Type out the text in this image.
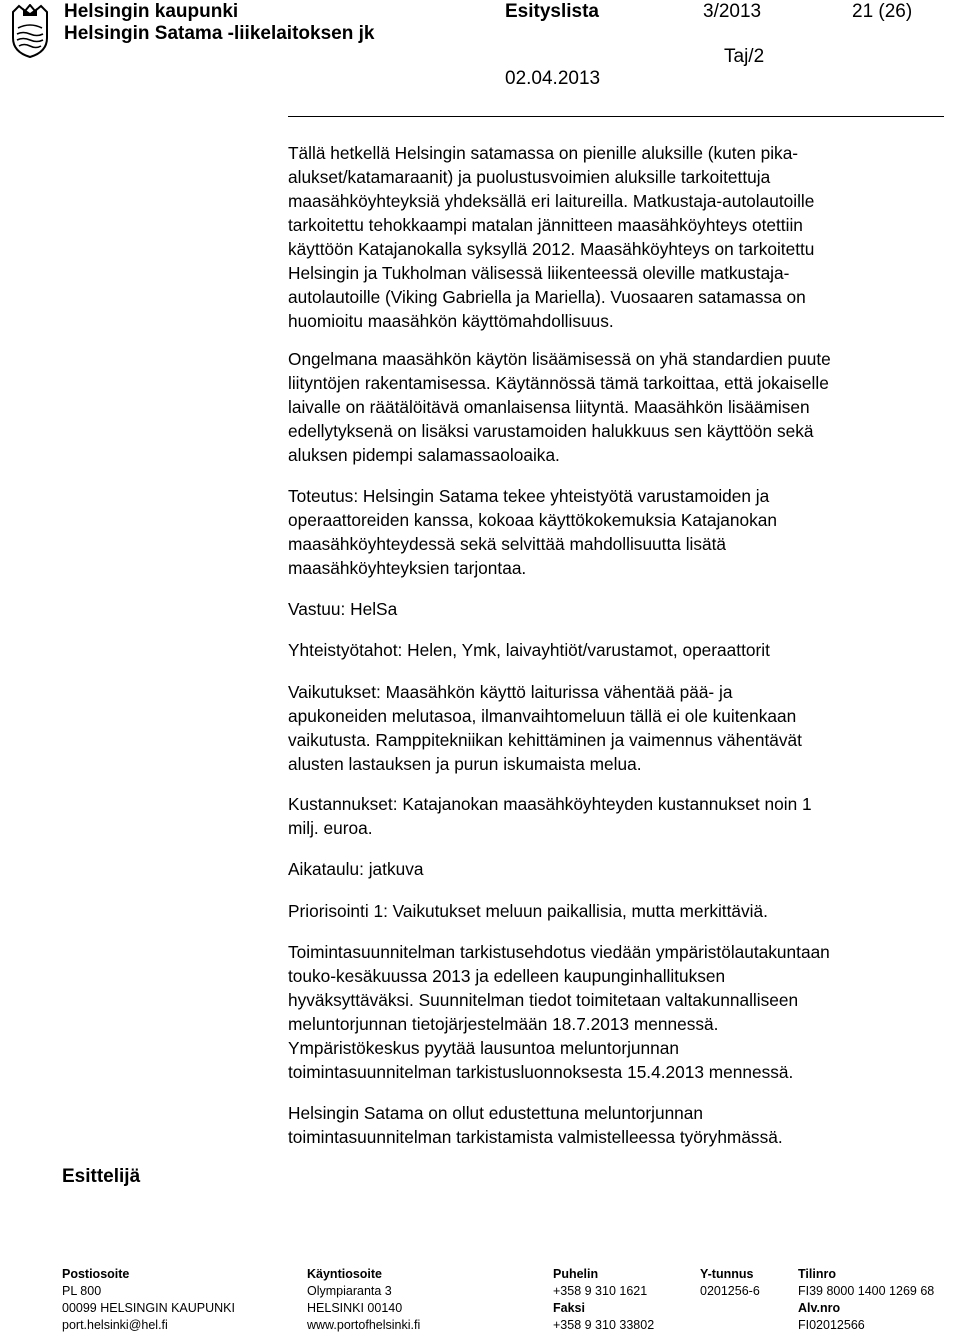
Helsingin kaupunki
Helsingin Satama -liikelaitoksen jk
Esityslista	3/2013	21 (26)
Taj/2
02.04.2013

Tällä hetkellä Helsingin satamassa on pienille aluksille (kuten pika-
alukset/katamaraanit) ja puolustusvoimien aluksille tarkoitettuja
maasähköyhteyksiä yhdeksällä eri laitureilla. Matkustaja-autolautoille
tarkoitettu tehokkaampi matalan jännitteen maasähköyhteys otettiin
käyttöön Katajanokalla syksyllä 2012. Maasähköyhteys on tarkoitettu
Helsingin ja Tukholman välisessä liikenteessä oleville matkustaja-
autolautoille (Viking Gabriella ja Mariella). Vuosaaren satamassa on
huomioitu maasähkön käyttömahdollisuus.

Ongelmana maasähkön käytön lisäämisessä on yhä standardien puute
liityntöjen rakentamisessa. Käytännössä tämä tarkoittaa, että jokaiselle
laivalle on räätälöitävä omanlaisensa liityntä. Maasähkön lisäämisen
edellytyksenä on lisäksi varustamoiden halukkuus sen käyttöön sekä
aluksen pidempi salamassaoloaika.

Toteutus: Helsingin Satama tekee yhteistyötä varustamoiden ja
operaattoreiden kanssa, kokoaa käyttökokemuksia Katajanokan
maasähköyhteydessä sekä selvittää mahdollisuutta lisätä
maasähköyhteyksien tarjontaa.

Vastuu: HelSa

Yhteistyötahot: Helen, Ymk, laivayhtiöt/varustamot, operaattorit

Vaikutukset: Maasähkön käyttö laiturissa vähentää pää- ja
apukoneiden melutasoa, ilmanvaihtomeluun tällä ei ole kuitenkaan
vaikutusta. Ramppitekniikan kehittäminen ja vaimennus vähentävät
alusten lastauksen ja purun iskumaista melua.

Kustannukset: Katajanokan maasähköyhteyden kustannukset noin 1
milj. euroa.

Aikataulu: jatkuva

Priorisointi 1: Vaikutukset meluun paikallisia, mutta merkittäviä.

Toimintasuunnitelman tarkistusehdotus viedään ympäristölautakuntaan
touko-kesäkuussa 2013 ja edelleen kaupunginhallituksen
hyväksyttäväksi. Suunnitelman tiedot toimitetaan valtakunnalliseen
meluntorjunnan tietojärjestelmään 18.7.2013 mennessä.
Ympäristökeskus pyytää lausuntoa meluntorjunnan
toimintasuunnitelman tarkistusluonnoksesta 15.4.2013 mennessä.

Helsingin Satama on ollut edustettuna meluntorjunnan
toimintasuunnitelman tarkistamista valmistelleessa työryhmässä.

Esittelijä
Postiosoite
PL 800
00099 HELSINGIN KAUPUNKI
port.helsinki@hel.fi
Käyntiosoite
Olympiaranta 3
HELSINKI 00140
www.portofhelsinki.fi
Puhelin
+358 9 310 1621
Faksi
+358 9 310 33802
Y-tunnus
0201256-6
Tilinro
FI39 8000 1400 1269 68
Alv.nro
FI02012566
